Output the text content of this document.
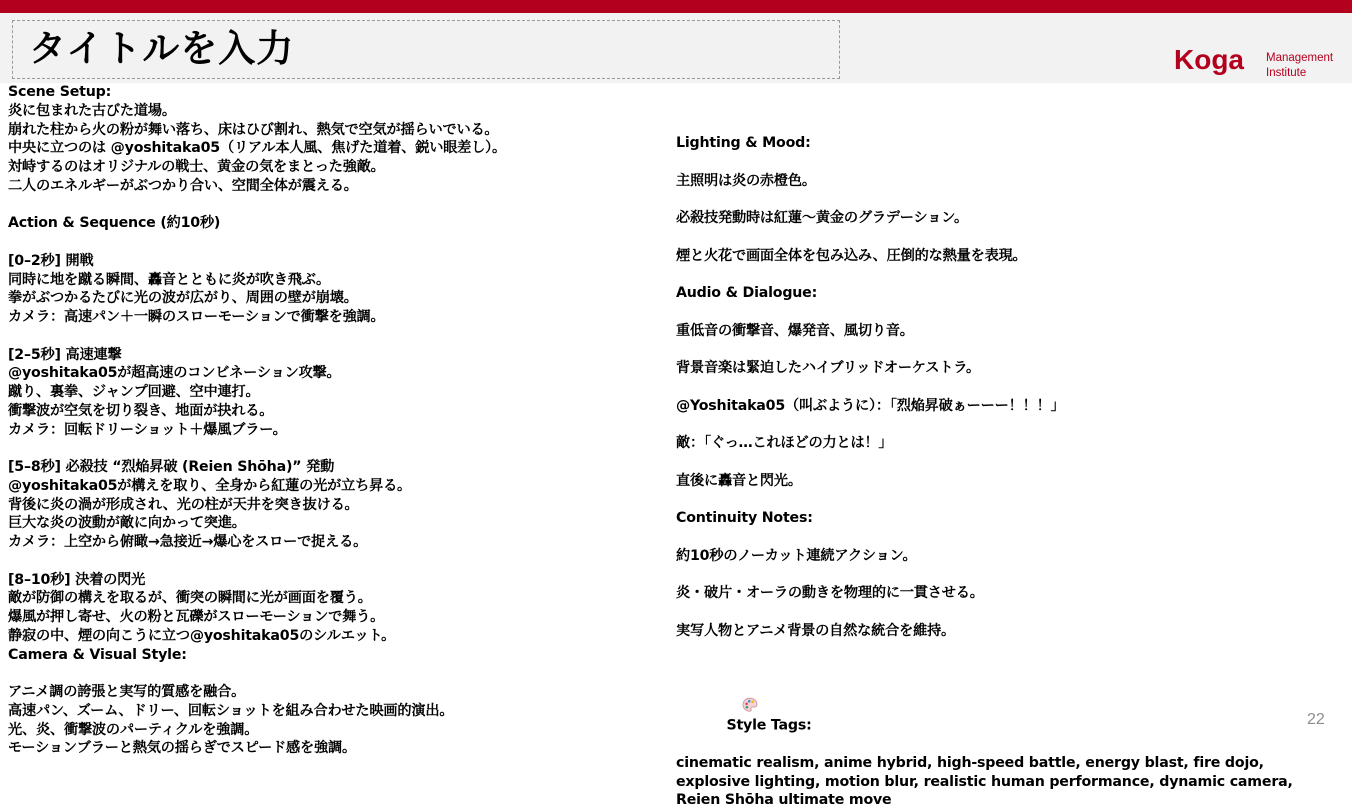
タイトルを入力	Koga Management
Institute
Scene Setup:
炎に包まれた古びた道場。
崩れた柱から火の粉が舞い落ち、床はひび割れ、熱気で空気が揺らいでいる。
中央に立つのは @yoshitaka05（リアル本人風、焦げた道着、鋭い眼差し）。
対峙するのはオリジナルの戦士、黄金の気をまとった強敵。
二人のエネルギーがぶつかり合い、空間全体が震える。
Action & Sequence (約10秒)
[0–2秒] 開戦
同時に地を蹴る瞬間、轟音とともに炎が吹き飛ぶ。
拳がぶつかるたびに光の波が広がり、周囲の壁が崩壊。
カメラ：高速パン＋一瞬のスローモーションで衝撃を強調。
[2–5秒] 高速連撃
@yoshitaka05が超高速のコンビネーション攻撃。
蹴り、裏拳、ジャンプ回避、空中連打。
衝撃波が空気を切り裂き、地面が抉れる。
カメラ：回転ドリーショット＋爆風ブラー。
[5–8秒] 必殺技 “烈焔昇破 (Reien Shōha)” 発動
@yoshitaka05が構えを取り、全身から紅蓮の光が立ち昇る。
背後に炎の渦が形成され、光の柱が天井を突き抜ける。
巨大な炎の波動が敵に向かって突進。
カメラ：上空から俯瞰→急接近→爆心をスローで捉える。
[8–10秒] 決着の閃光
敵が防御の構えを取るが、衝突の瞬間に光が画面を覆う。
爆風が押し寄せ、火の粉と瓦礫がスローモーションで舞う。
静寂の中、煙の向こうに立つ@yoshitaka05のシルエット。
Camera & Visual Style:
アニメ調の誇張と実写的質感を融合。
高速パン、ズーム、ドリー、回転ショットを組み合わせた映画的演出。
光、炎、衝撃波のパーティクルを強調。
モーションブラーと熱気の揺らぎでスピード感を強調。
Lighting & Mood:
主照明は炎の赤橙色。
必殺技発動時は紅蓮～黄金のグラデーション。
煙と火花で画面全体を包み込み、圧倒的な熱量を表現。
Audio & Dialogue:
重低音の衝撃音、爆発音、風切り音。
背景音楽は緊迫したハイブリッドオーケストラ。
@Yoshitaka05（叫ぶように）：「烈焔昇破ぁーーー！！！」
敵：「ぐっ…これほどの力とは！」
直後に轟音と閃光。
Continuity Notes:
約10秒のノーカット連続アクション。
炎・破片・オーラの動きを物理的に一貫させる。
実写人物とアニメ背景の自然な統合を維持。

Style Tags:

cinematic realism, anime hybrid, high-speed battle, energy blast, fire dojo,
explosive lighting, motion blur, realistic human performance, dynamic camera,
Reien Shōha ultimate move
22
